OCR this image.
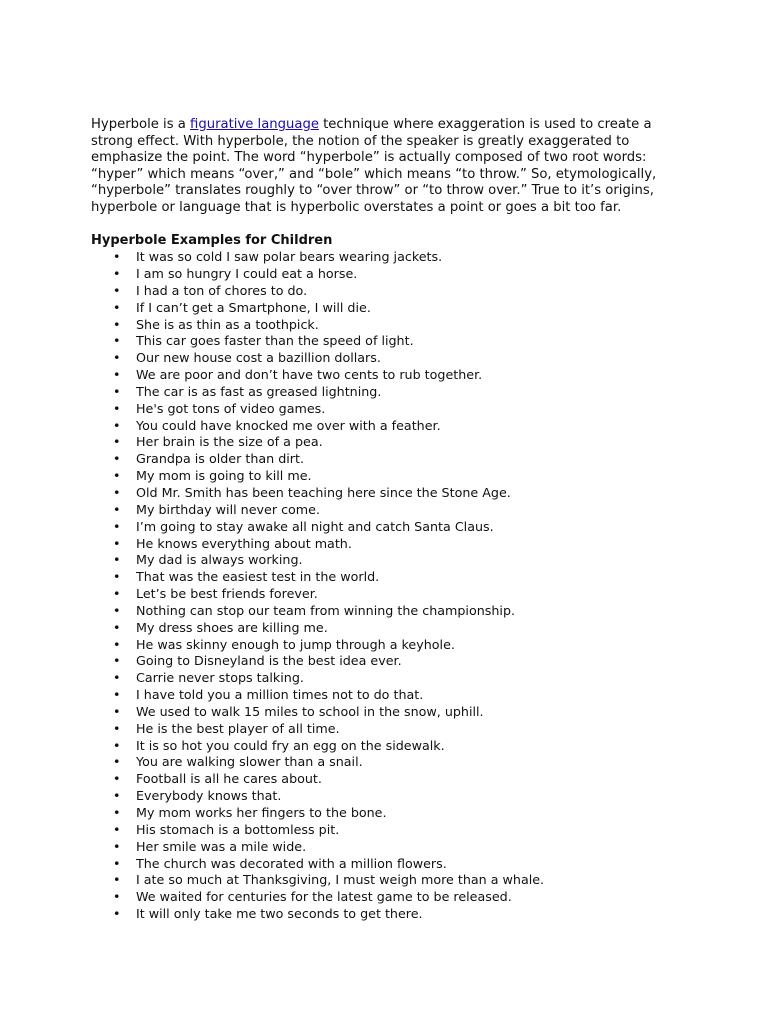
Hyperbole is a figurative language technique where exaggeration is used to create a strong effect. With hyperbole, the notion of the speaker is greatly exaggerated to emphasize the point. The word “hyperbole” is actually composed of two root words: “hyper” which means “over,” and “bole” which means “to throw.” So, etymologically, “hyperbole” translates roughly to “over throw” or “to throw over.” True to it’s origins, hyperbole or language that is hyperbolic overstates a point or goes a bit too far.

Hyperbole Examples for Children

• It was so cold I saw polar bears wearing jackets.
• I am so hungry I could eat a horse.
• I had a ton of chores to do.
• If I can’t get a Smartphone, I will die.
• She is as thin as a toothpick.
• This car goes faster than the speed of light.
• Our new house cost a bazillion dollars.
• We are poor and don’t have two cents to rub together.
• The car is as fast as greased lightning.
• He's got tons of video games.
• You could have knocked me over with a feather.
• Her brain is the size of a pea.
• Grandpa is older than dirt.
• My mom is going to kill me.
• Old Mr. Smith has been teaching here since the Stone Age.
• My birthday will never come.
• I’m going to stay awake all night and catch Santa Claus.
• He knows everything about math.
• My dad is always working.
• That was the easiest test in the world.
• Let’s be best friends forever.
• Nothing can stop our team from winning the championship.
• My dress shoes are killing me.
• He was skinny enough to jump through a keyhole.
• Going to Disneyland is the best idea ever.
• Carrie never stops talking.
• I have told you a million times not to do that.
• We used to walk 15 miles to school in the snow, uphill.
• He is the best player of all time.
• It is so hot you could fry an egg on the sidewalk.
• You are walking slower than a snail.
• Football is all he cares about.
• Everybody knows that.
• My mom works her fingers to the bone.
• His stomach is a bottomless pit.
• Her smile was a mile wide.
• The church was decorated with a million flowers.
• I ate so much at Thanksgiving, I must weigh more than a whale.
• We waited for centuries for the latest game to be released.
• It will only take me two seconds to get there.
